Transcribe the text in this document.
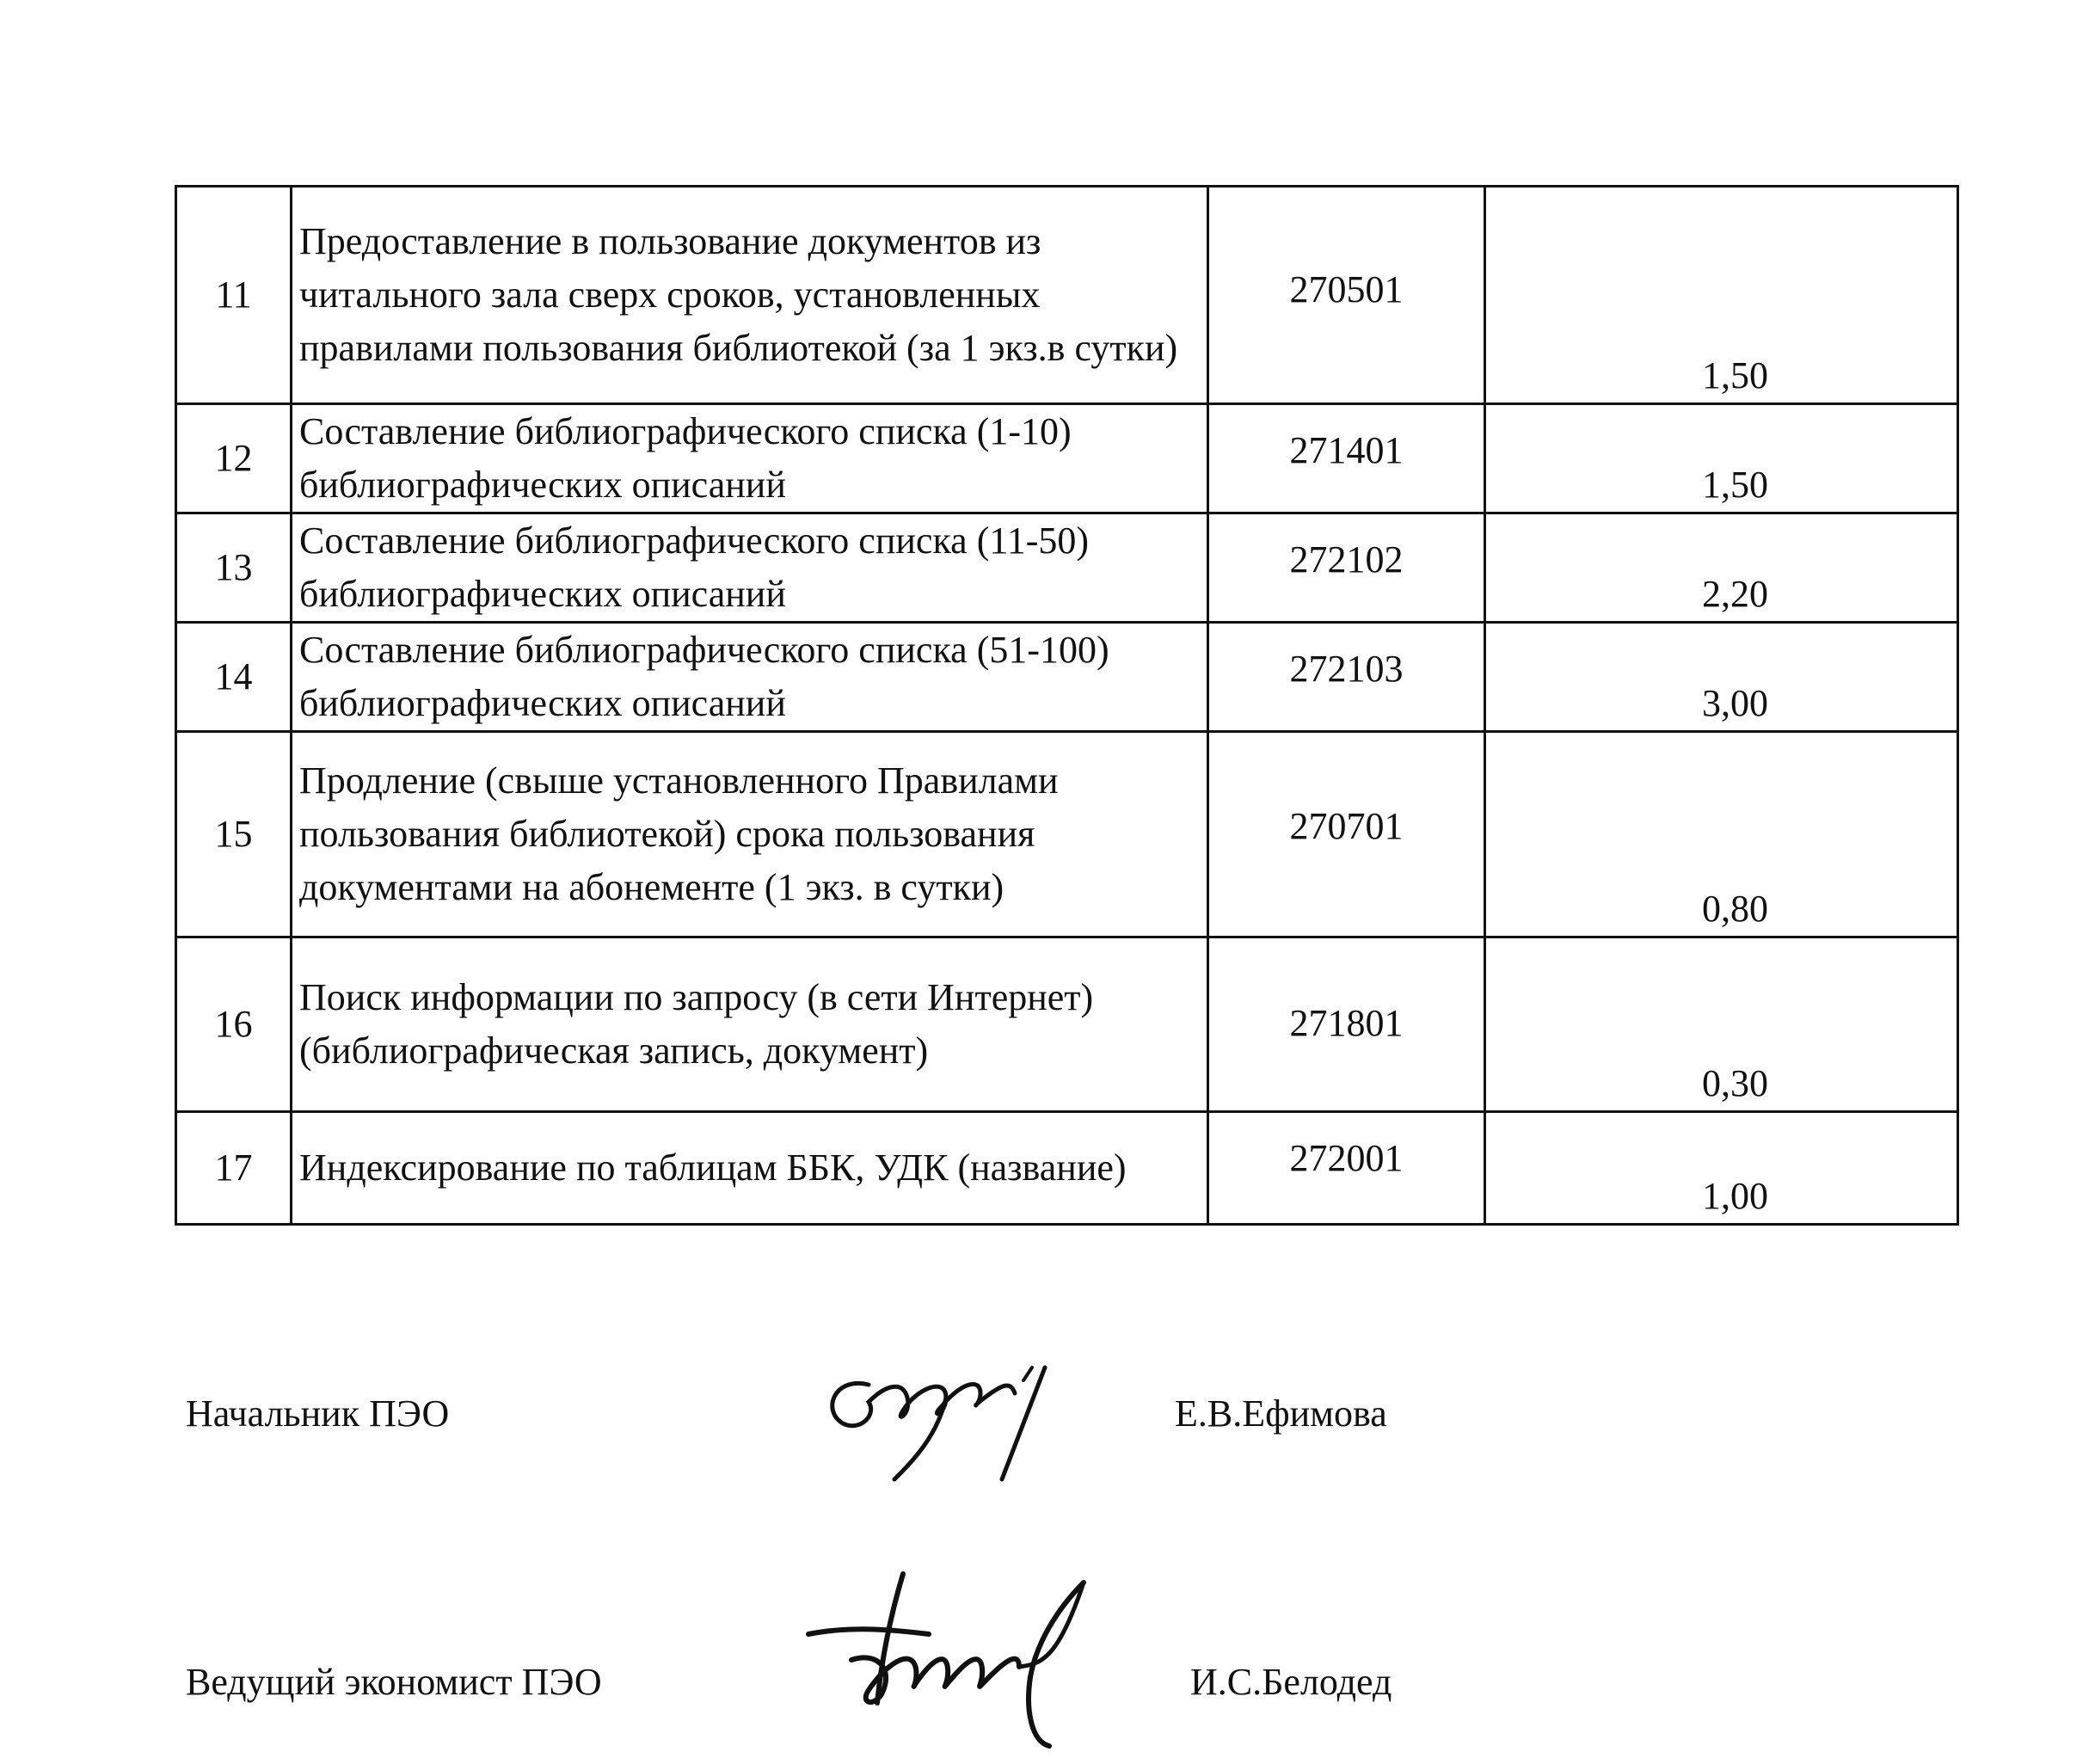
11	Предоставление в пользование документов из читального зала сверх сроков, установленных правилами пользования библиотекой (за 1 экз.в сутки)	270501	1,50
12	Составление библиографического списка (1-10) библиографических описаний	271401	1,50
13	Составление библиографического списка (11-50) библиографических описаний	272102	2,20
14	Составление библиографического списка (51-100) библиографических описаний	272103	3,00
15	Продление (свыше установленного Правилами пользования библиотекой) срока пользования документами на абонементе (1 экз. в сутки)	270701	0,80
16	Поиск информации по запросу (в сети Интернет) (библиографическая запись, документ)	271801	0,30
17	Индексирование по таблицам ББК, УДК (название)	272001	1,00
Начальник ПЭО	Е.В.Ефимова
Ведущий экономист ПЭО	И.С.Белодед
